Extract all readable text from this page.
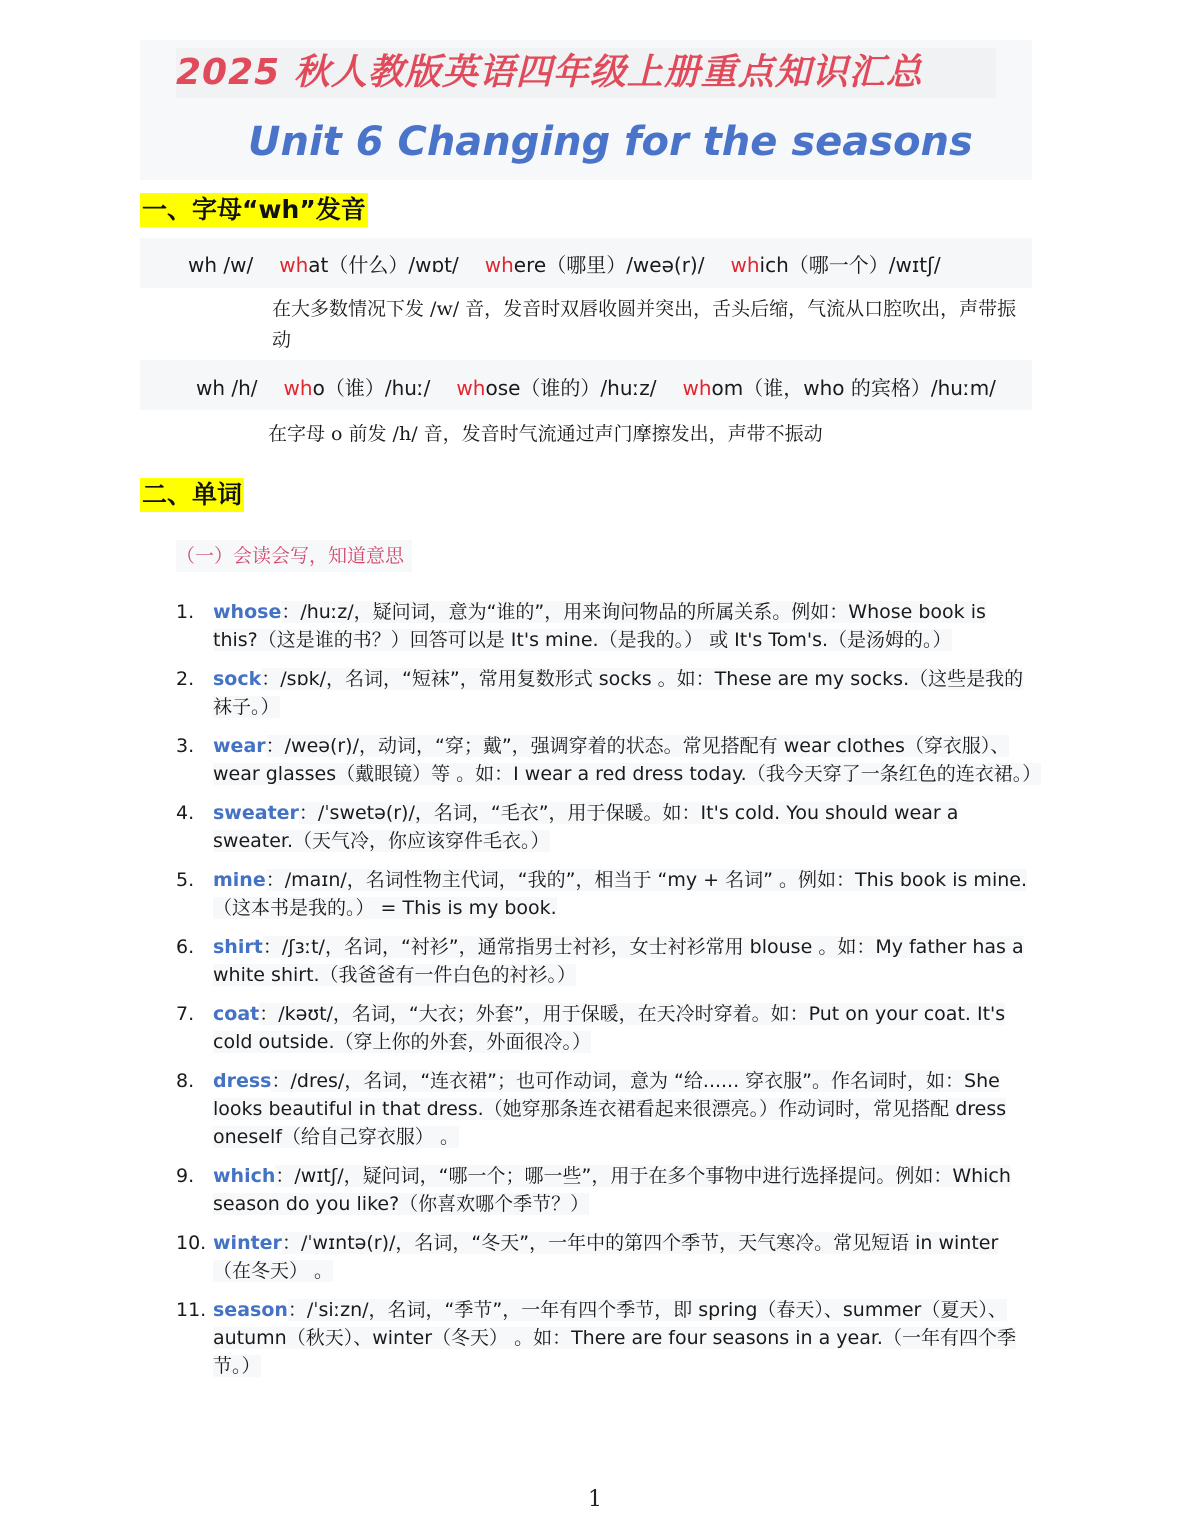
2025 秋人教版英语四年级上册重点知识汇总
Unit 6 Changing for the seasons
一、字母“wh”发音
wh /w/ what（什么）/wɒt/ where（哪里）/weə(r)/ which（哪一个）/wɪtʃ/
在大多数情况下发 /w/ 音，发音时双唇收圆并突出，舌头后缩，气流从口腔吹出，声带振动
wh /h/ who（谁）/huː/ whose（谁的）/huːz/ whom（谁，who 的宾格）/huːm/
在字母 o 前发 /h/ 音，发音时气流通过声门摩擦发出，声带不振动
二、单词
（一）会读会写，知道意思
1. whose：/huːz/，疑问词，意为“谁的”，用来询问物品的所属关系。例如：Whose book is this?（这是谁的书？）回答可以是 It's mine.（是我的。） 或 It's Tom's.（是汤姆的。）
2. sock：/sɒk/，名词，“短袜”，常用复数形式 socks 。如：These are my socks.（这些是我的袜子。）
3. wear：/weə(r)/，动词，“穿；戴”，强调穿着的状态。常见搭配有 wear clothes（穿衣服）、wear glasses（戴眼镜）等 。如：I wear a red dress today.（我今天穿了一条红色的连衣裙。）
4. sweater：/ˈswetə(r)/，名词，“毛衣”，用于保暖。如：It's cold. You should wear a sweater.（天气冷，你应该穿件毛衣。）
5. mine：/maɪn/，名词性物主代词，“我的”，相当于 “my + 名词” 。例如：This book is mine.（这本书是我的。） = This is my book.
6. shirt：/ʃɜːt/，名词，“衬衫”，通常指男士衬衫，女士衬衫常用 blouse 。如：My father has a white shirt.（我爸爸有一件白色的衬衫。）
7. coat：/kəʊt/，名词，“大衣；外套”，用于保暖，在天冷时穿着。如：Put on your coat. It's cold outside.（穿上你的外套，外面很冷。）
8. dress：/dres/，名词，“连衣裙”；也可作动词，意为 “给...... 穿衣服”。作名词时，如：She looks beautiful in that dress.（她穿那条连衣裙看起来很漂亮。）作动词时，常见搭配 dress oneself（给自己穿衣服） 。
9. which：/wɪtʃ/，疑问词，“哪一个；哪一些”，用于在多个事物中进行选择提问。例如：Which season do you like?（你喜欢哪个季节？）
10. winter：/ˈwɪntə(r)/，名词，“冬天”，一年中的第四个季节，天气寒冷。常见短语 in winter（在冬天） 。
11. season：/ˈsiːzn/，名词，“季节”，一年有四个季节，即 spring（春天）、summer（夏天）、autumn（秋天）、winter（冬天） 。如：There are four seasons in a year.（一年有四个季节。）
1
